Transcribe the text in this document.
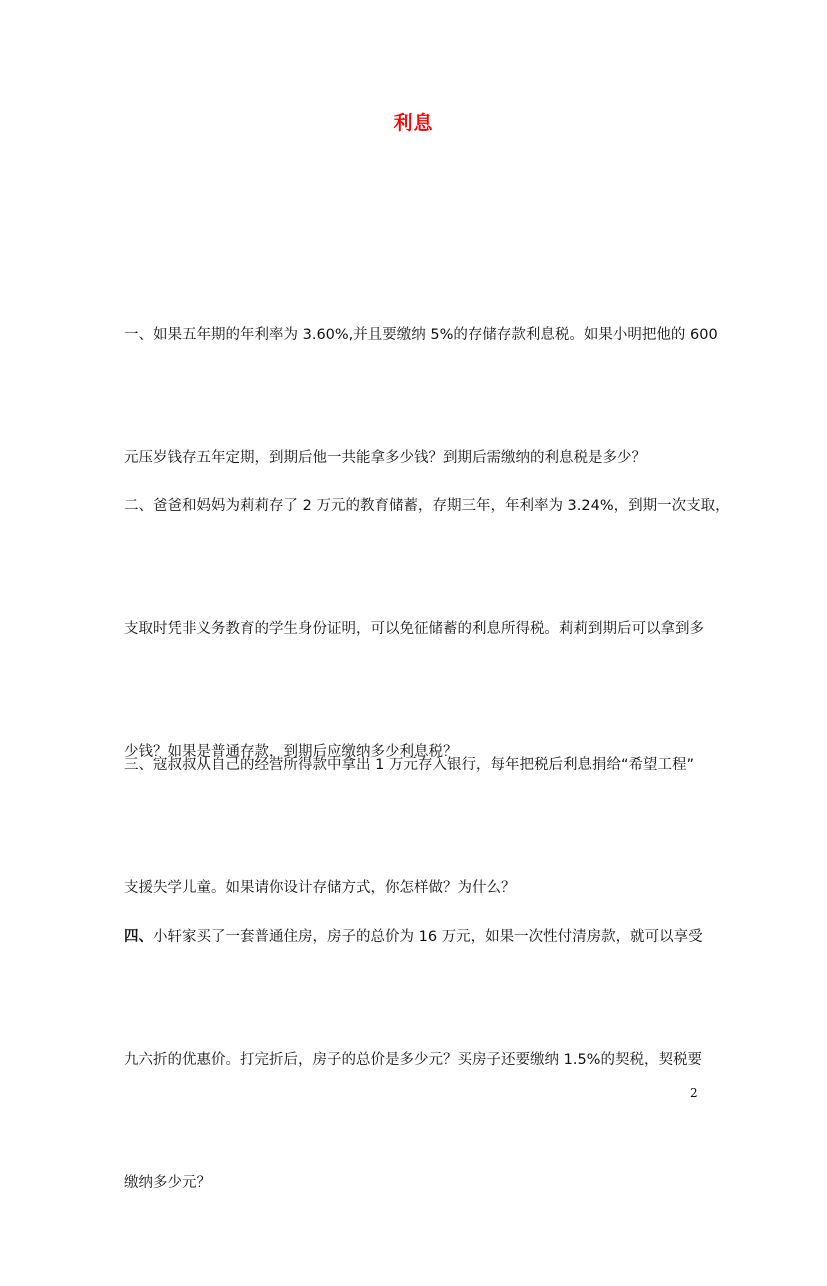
利息

一、如果五年期的年利率为 3.60%,并且要缴纳 5%的存储存款利息税。如果小明把他的 600

元压岁钱存五年定期，到期后他一共能拿多少钱？到期后需缴纳的利息税是多少？

二、爸爸和妈妈为莉莉存了 2 万元的教育储蓄，存期三年，年利率为 3.24%，到期一次支取，

支取时凭非义务教育的学生身份证明，可以免征储蓄的利息所得税。莉莉到期后可以拿到多

少钱？如果是普通存款，到期后应缴纳多少利息税？

三、寇叔叔从自己的经营所得款中拿出 1 万元存入银行，每年把税后利息捐给“希望工程”

支援失学儿童。如果请你设计存储方式，你怎样做？为什么？

四、小轩家买了一套普通住房，房子的总价为 16 万元，如果一次性付清房款，就可以享受

九六折的优惠价。打完折后，房子的总价是多少元？买房子还要缴纳 1.5%的契税，契税要

缴纳多少元？

2
